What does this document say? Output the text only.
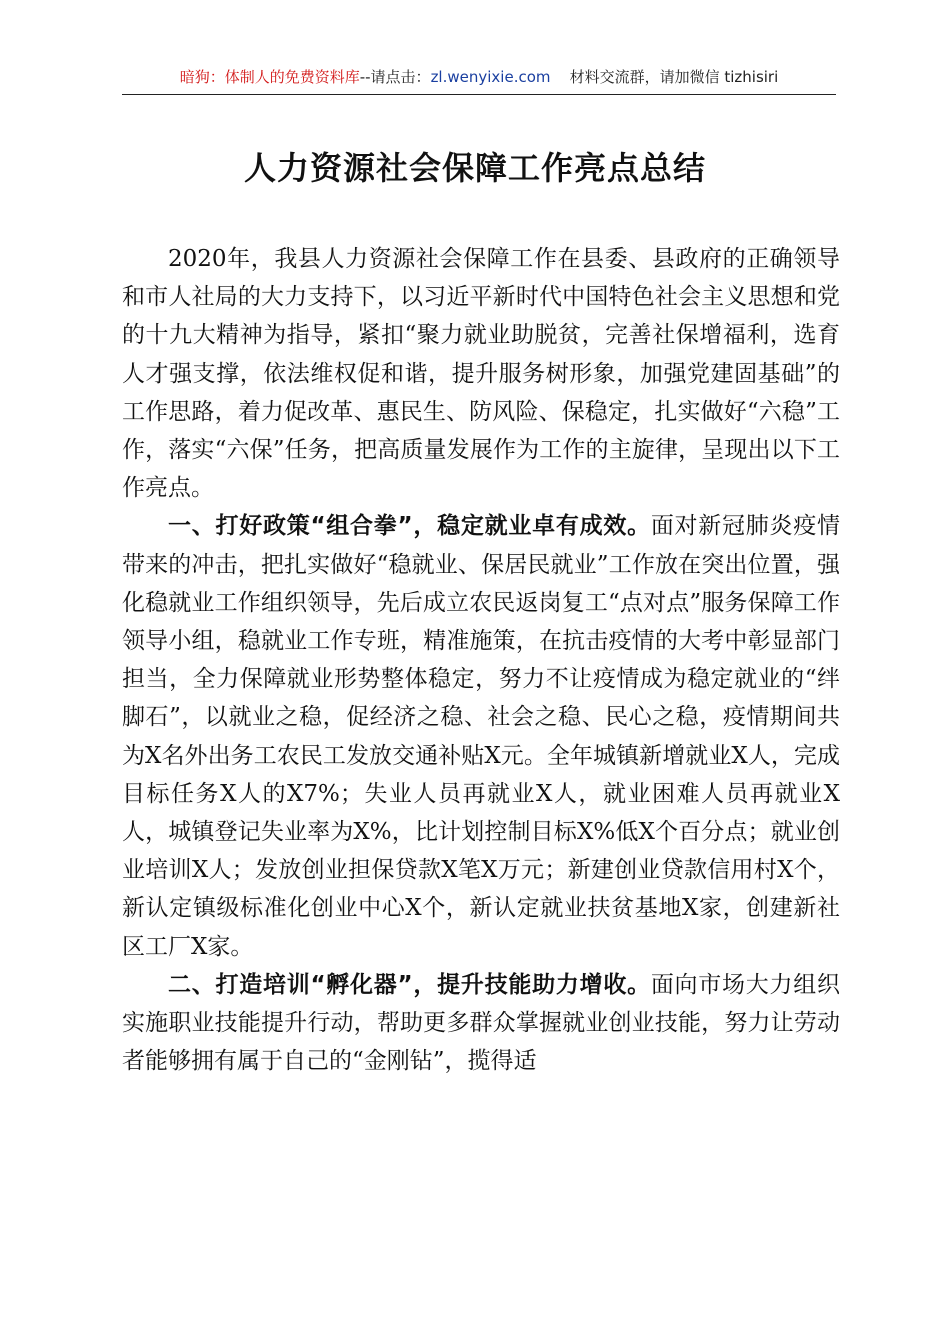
暗狗：体制人的免费资料库--请点击：zl.wenyixie.com 材料交流群，请加微信 tizhisiri
人力资源社会保障工作亮点总结

2020年，我县人力资源社会保障工作在县委、县政府的正确领导和市人社局的大力支持下，以习近平新时代中国特色社会主义思想和党的十九大精神为指导，紧扣“聚力就业助脱贫，完善社保增福利，选育人才强支撑，依法维权促和谐，提升服务树形象，加强党建固基础”的工作思路，着力促改革、惠民生、防风险、保稳定，扎实做好“六稳”工作，落实“六保”任务，把高质量发展作为工作的主旋律，呈现出以下工作亮点。

一、打好政策“组合拳”，稳定就业卓有成效。面对新冠肺炎疫情带来的冲击，把扎实做好“稳就业、保居民就业”工作放在突出位置，强化稳就业工作组织领导，先后成立农民返岗复工“点对点”服务保障工作领导小组，稳就业工作专班，精准施策，在抗击疫情的大考中彰显部门担当，全力保障就业形势整体稳定，努力不让疫情成为稳定就业的“绊脚石”，以就业之稳，促经济之稳、社会之稳、民心之稳，疫情期间共为X名外出务工农民工发放交通补贴X元。全年城镇新增就业X人，完成目标任务X人的X7%；失业人员再就业X人，就业困难人员再就业X人，城镇登记失业率为X%，比计划控制目标X%低X个百分点；就业创业培训X人；发放创业担保贷款X笔X万元；新建创业贷款信用村X个，新认定镇级标准化创业中心X个，新认定就业扶贫基地X家，创建新社区工厂X家。

二、打造培训“孵化器”，提升技能助力增收。面向市场大力组织实施职业技能提升行动，帮助更多群众掌握就业创业技能，努力让劳动者能够拥有属于自己的“金刚钻”，揽得适
